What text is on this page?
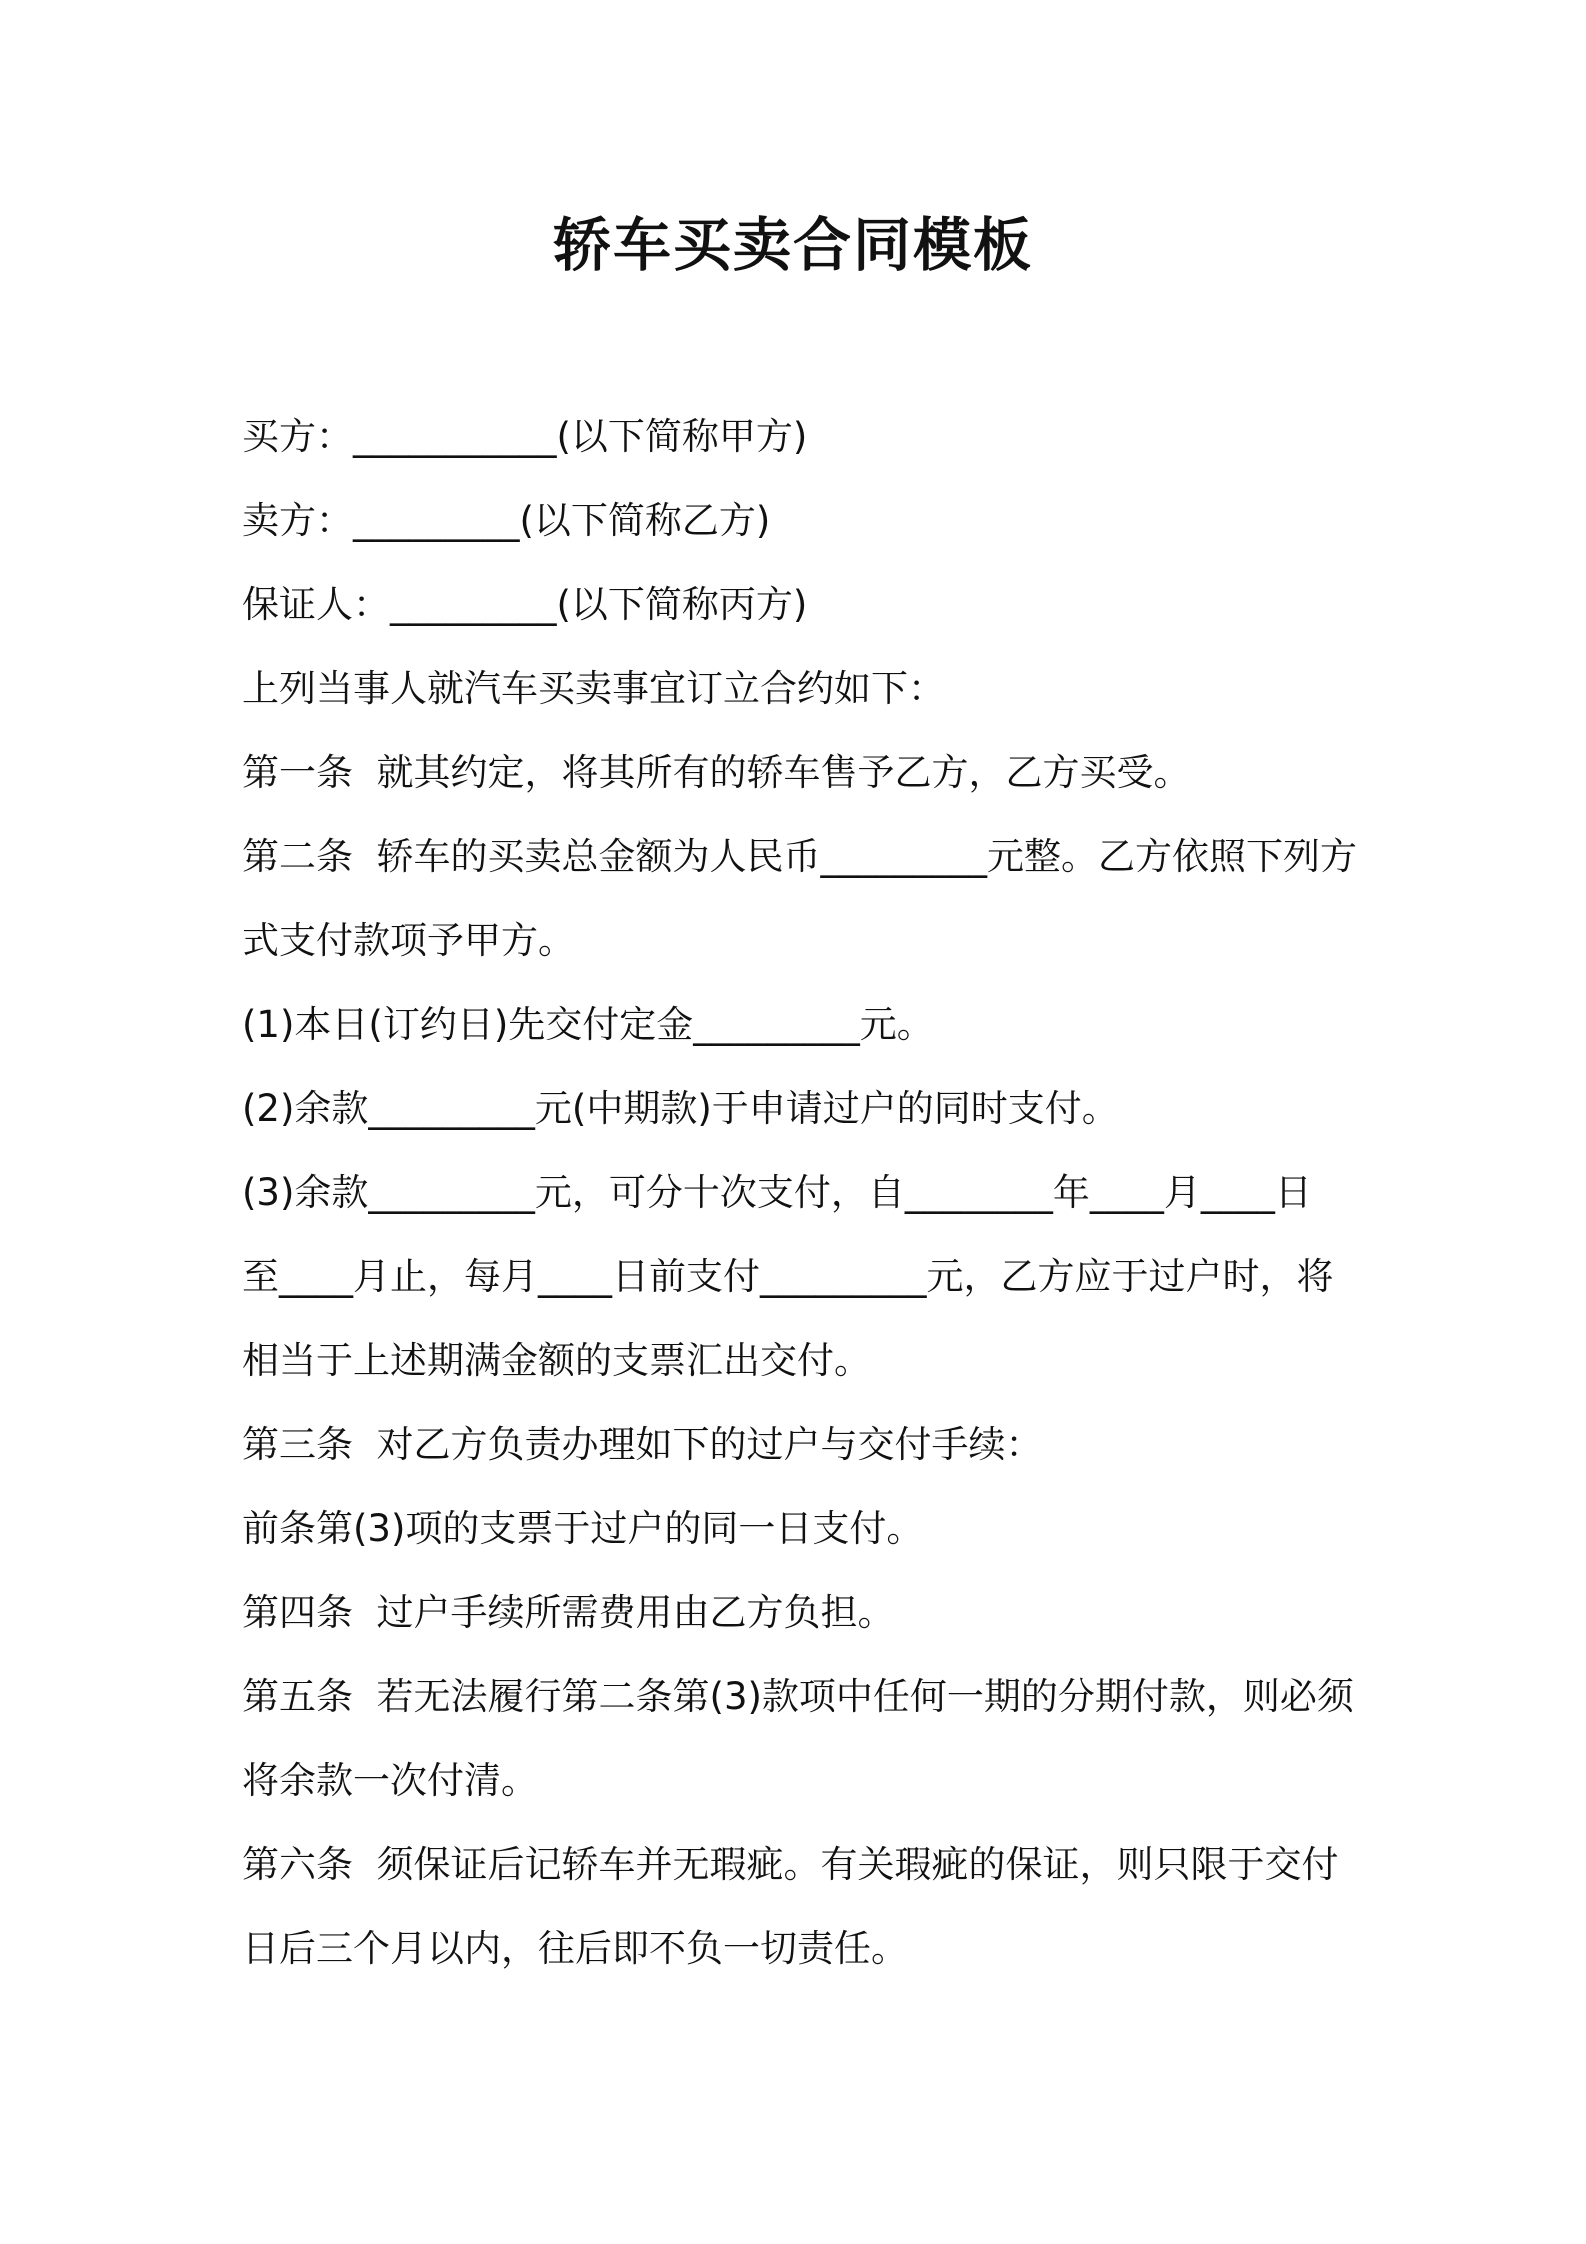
轿车买卖合同模板

买方：___________(以下简称甲方)

卖方：_________(以下简称乙方)

保证人：_________(以下简称丙方)

上列当事人就汽车买卖事宜订立合约如下：

第一条  就其约定，将其所有的轿车售予乙方，乙方买受。

第二条  轿车的买卖总金额为人民币_________元整。乙方依照下列方

式支付款项予甲方。

(1)本日(订约日)先交付定金_________元。

(2)余款_________元(中期款)于申请过户的同时支付。

(3)余款_________元，可分十次支付，自________年____月____日

至____月止，每月____日前支付_________元，乙方应于过户时，将

相当于上述期满金额的支票汇出交付。

第三条  对乙方负责办理如下的过户与交付手续：

前条第(3)项的支票于过户的同一日支付。

第四条  过户手续所需费用由乙方负担。

第五条  若无法履行第二条第(3)款项中任何一期的分期付款，则必须

将余款一次付清。

第六条  须保证后记轿车并无瑕疵。有关瑕疵的保证，则只限于交付

日后三个月以内，往后即不负一切责任。
